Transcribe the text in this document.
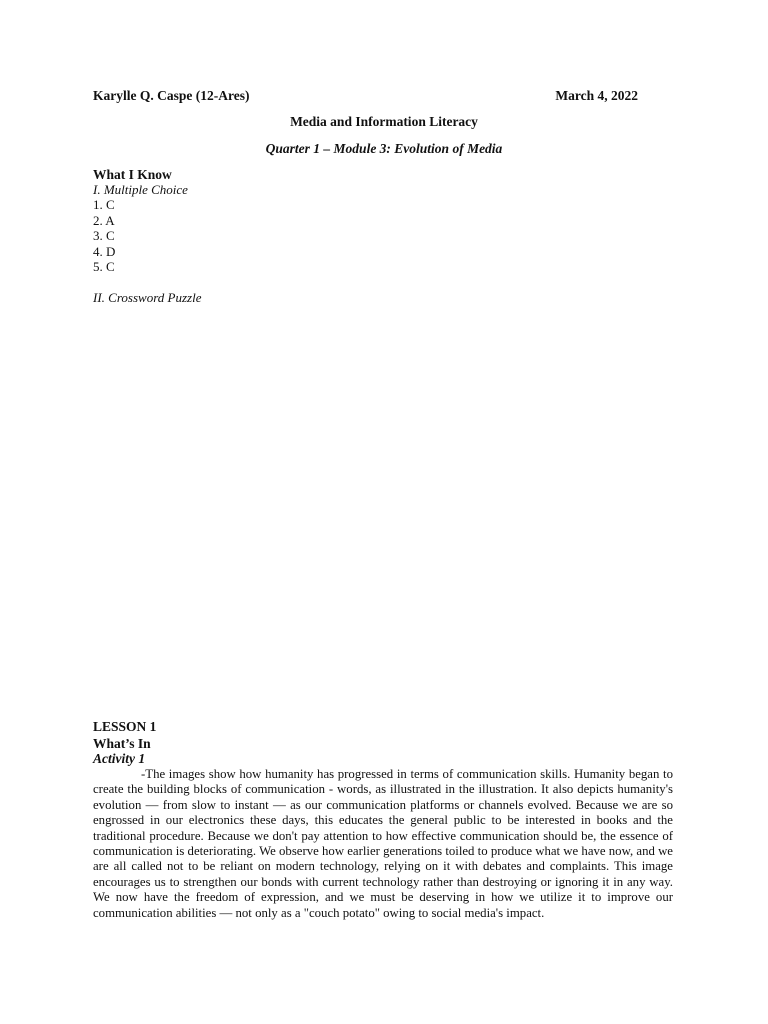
Karylle Q. Caspe (12-Ares)	March 4, 2022
Media and Information Literacy
Quarter 1 – Module 3: Evolution of Media
What I Know
I. Multiple Choice
1. C
2. A
3. C
4. D
5. C
II. Crossword Puzzle
LESSON 1
What’s In
Activity 1
-The images show how humanity has progressed in terms of communication skills. Humanity began to create the building blocks of communication - words, as illustrated in the illustration. It also depicts humanity's evolution — from slow to instant — as our communication platforms or channels evolved. Because we are so engrossed in our electronics these days, this educates the general public to be interested in books and the traditional procedure. Because we don't pay attention to how effective communication should be, the essence of communication is deteriorating. We observe how earlier generations toiled to produce what we have now, and we are all called not to be reliant on modern technology, relying on it with debates and complaints. This image encourages us to strengthen our bonds with current technology rather than destroying or ignoring it in any way. We now have the freedom of expression, and we must be deserving in how we utilize it to improve our communication abilities — not only as a "couch potato" owing to social media's impact.
